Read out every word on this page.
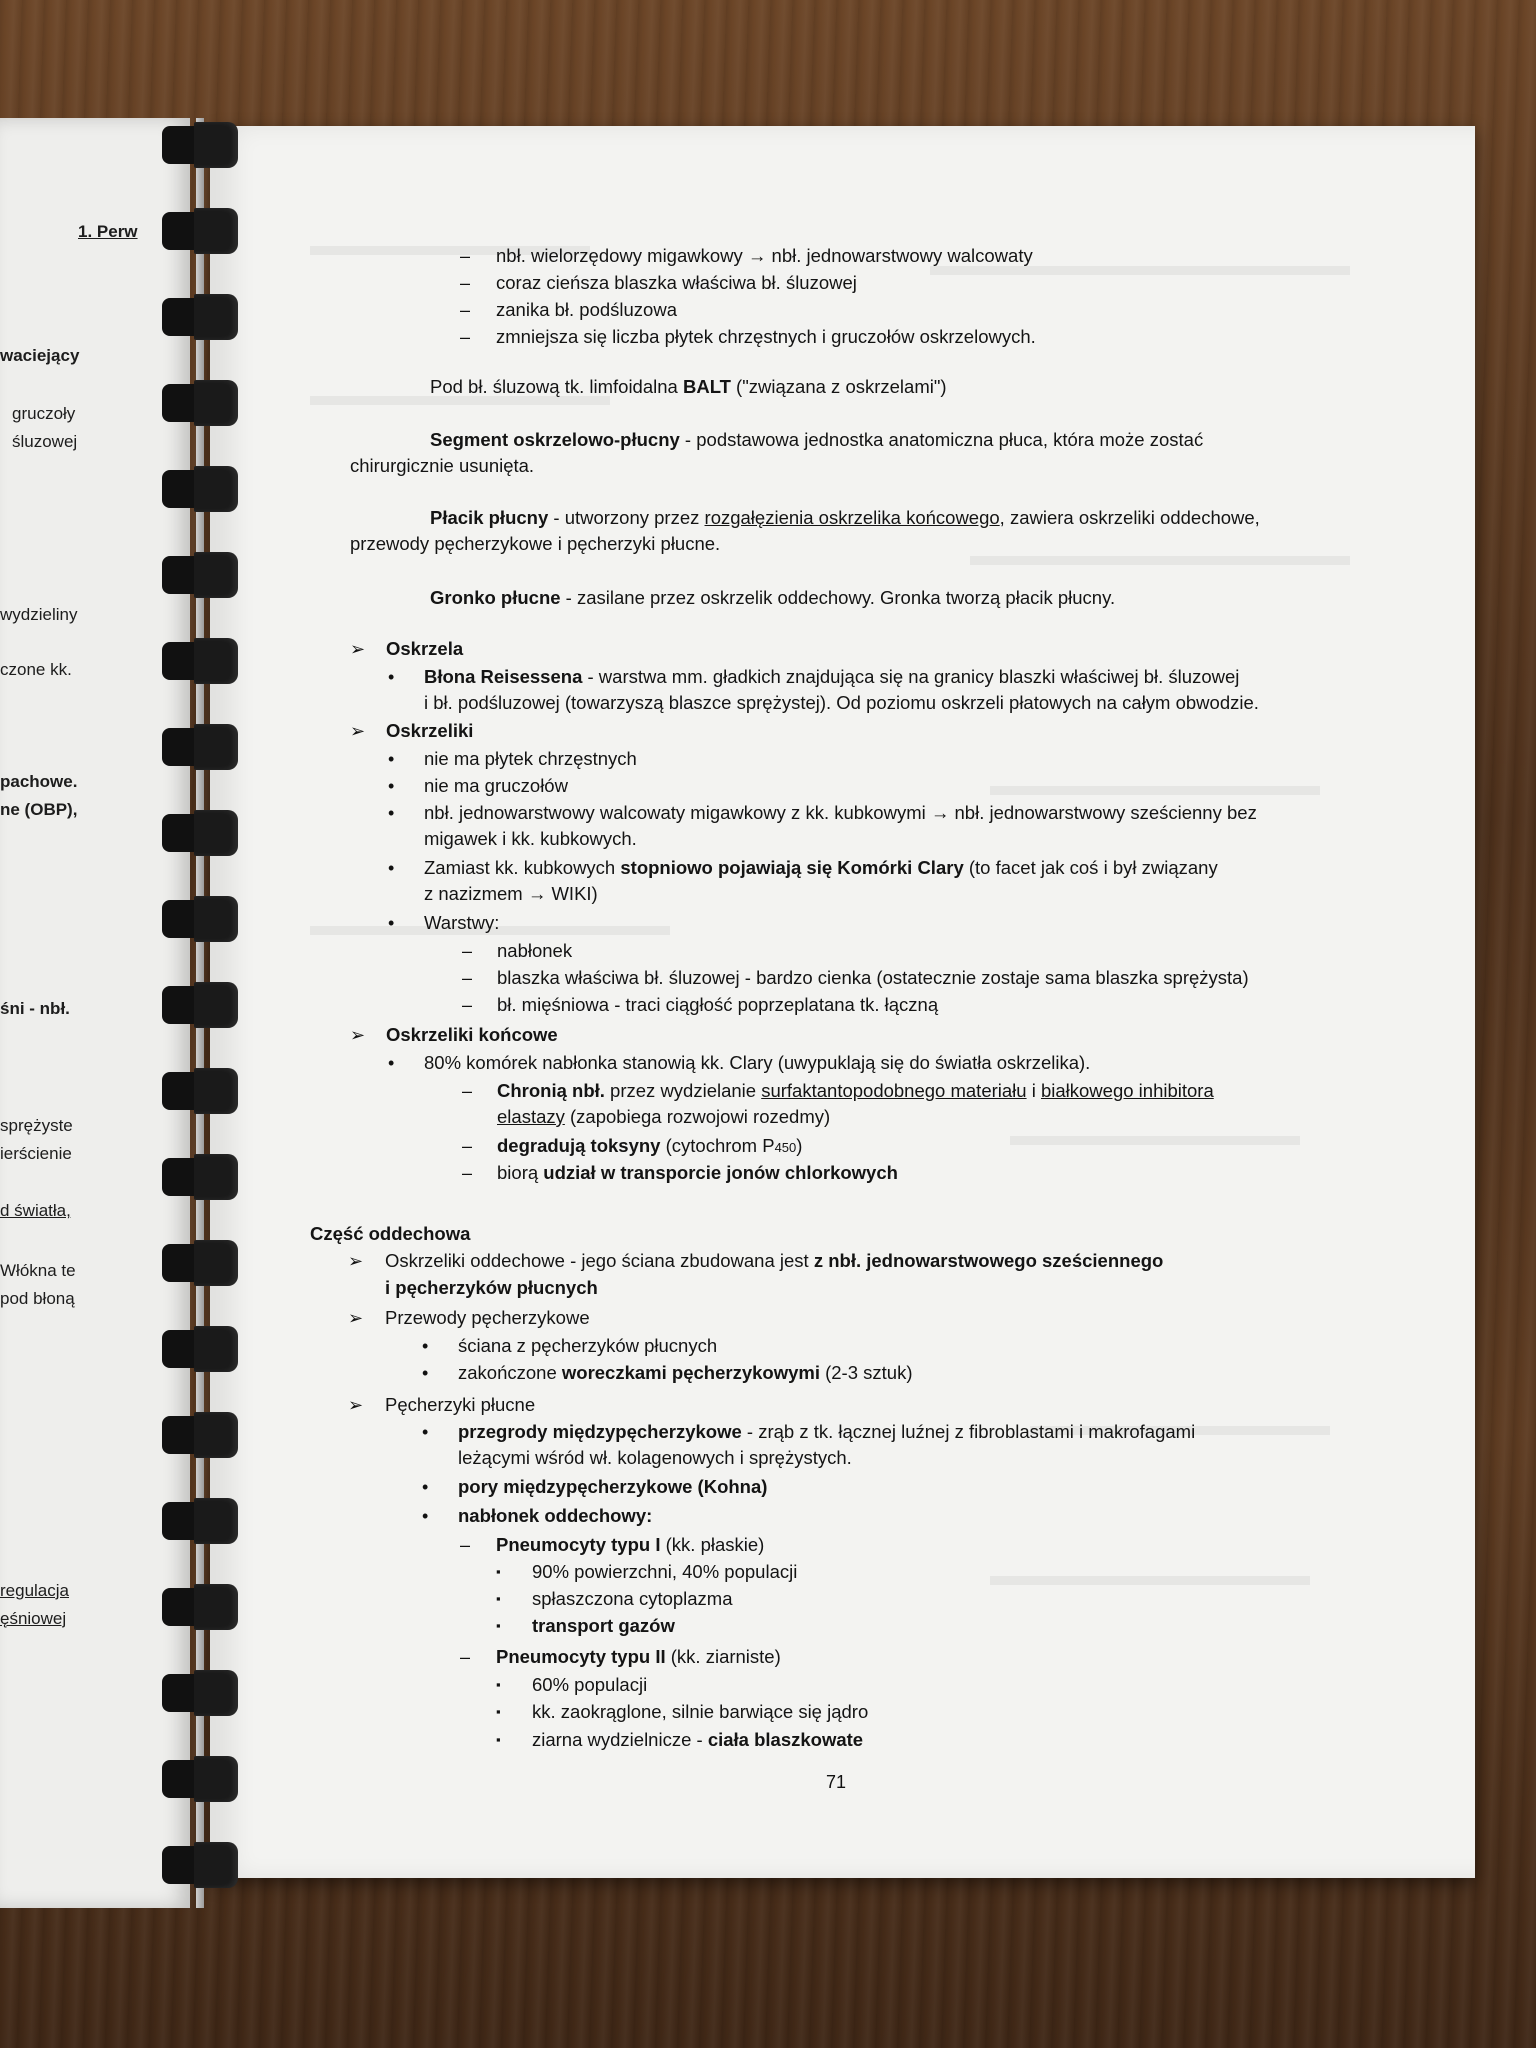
1. Perw
waciejący
gruczoły
śluzowej
wydzieliny
czone kk.
pachowe.
ne (OBP),
śni - nbł.
sprężyste
ierścienie
d światła,
Włókna te
pod błoną
regulacja
ęśniowej
– nbł. wielorzędowy migawkowy → nbł. jednowarstwowy walcowaty
– coraz cieńsza blaszka właściwa bł. śluzowej
– zanika bł. podśluzowa
– zmniejsza się liczba płytek chrzęstnych i gruczołów oskrzelowych.
Pod bł. śluzową tk. limfoidalna BALT ("związana z oskrzelami")
Segment oskrzelowo-płucny - podstawowa jednostka anatomiczna płuca, która może zostać
chirurgicznie usunięta.
Płacik płucny - utworzony przez rozgałęzienia oskrzelika końcowego, zawiera oskrzeliki oddechowe,
przewody pęcherzykowe i pęcherzyki płucne.
Gronko płucne - zasilane przez oskrzelik oddechowy. Gronka tworzą płacik płucny.
➢ Oskrzela
• Błona Reisessena - warstwa mm. gładkich znajdująca się na granicy blaszki właściwej bł. śluzowej
i bł. podśluzowej (towarzyszą blaszce sprężystej). Od poziomu oskrzeli płatowych na całym obwodzie.
➢ Oskrzeliki
• nie ma płytek chrzęstnych
• nie ma gruczołów
• nbł. jednowarstwowy walcowaty migawkowy z kk. kubkowymi → nbł. jednowarstwowy sześcienny bez
migawek i kk. kubkowych.
• Zamiast kk. kubkowych stopniowo pojawiają się Komórki Clary (to facet jak coś i był związany
z nazizmem → WIKI)
• Warstwy:
– nabłonek
– blaszka właściwa bł. śluzowej - bardzo cienka (ostatecznie zostaje sama blaszka sprężysta)
– bł. mięśniowa - traci ciągłość poprzeplatana tk. łączną
➢ Oskrzeliki końcowe
• 80% komórek nabłonka stanowią kk. Clary (uwypuklają się do światła oskrzelika).
– Chronią nbł. przez wydzielanie surfaktantopodobnego materiału i białkowego inhibitora
elastazy (zapobiega rozwojowi rozedmy)
– degradują toksyny (cytochrom P450)
– biorą udział w transporcie jonów chlorkowych
Część oddechowa
➢ Oskrzeliki oddechowe - jego ściana zbudowana jest z nbł. jednowarstwowego sześciennego
i pęcherzyków płucnych
➢ Przewody pęcherzykowe
• ściana z pęcherzyków płucnych
• zakończone woreczkami pęcherzykowymi (2-3 sztuk)
➢ Pęcherzyki płucne
• przegrody międzypęcherzykowe - zrąb z tk. łącznej luźnej z fibroblastami i makrofagami
leżącymi wśród wł. kolagenowych i sprężystych.
• pory międzypęcherzykowe (Kohna)
• nabłonek oddechowy:
– Pneumocyty typu I (kk. płaskie)
▪ 90% powierzchni, 40% populacji
▪ spłaszczona cytoplazma
▪ transport gazów
– Pneumocyty typu II (kk. ziarniste)
▪ 60% populacji
▪ kk. zaokrąglone, silnie barwiące się jądro
▪ ziarna wydzielnicze - ciała blaszkowate
71
